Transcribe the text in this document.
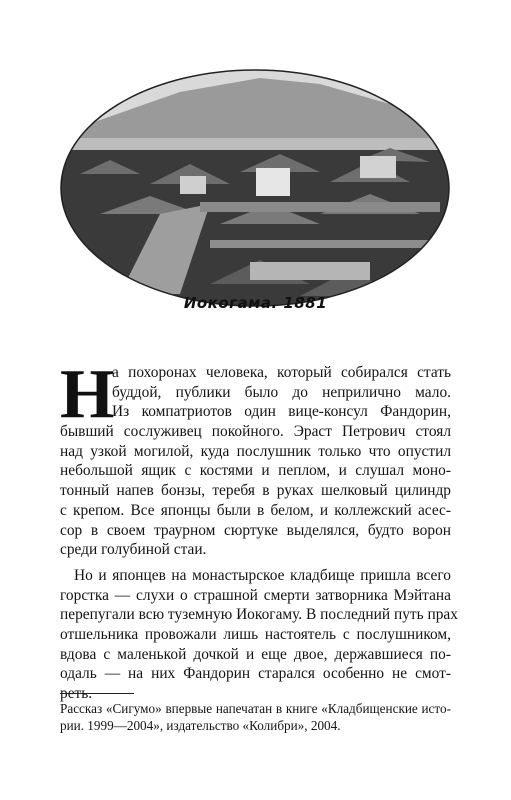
Иокогама. 1881
Н
а похоронах человека, который собирался стать
буддой, публики было до неприлично мало.
Из компатриотов один вице-консул Фандорин,
бывший сослуживец покойного. Эраст Петрович стоял
над узкой могилой, куда послушник только что опустил
небольшой ящик с костями и пеплом, и слушал моно-
тонный напев бонзы, теребя в руках шелковый цилиндр
с крепом. Все японцы были в белом, и коллежский асес-
сор в своем траурном сюртуке выделялся, будто ворон
среди голубиной стаи.
Но и японцев на монастырское кладбище пришла всего
горстка — слухи о страшной смерти затворника Мэйтана
перепугали всю туземную Иокогаму. В последний путь прах
отшельника провожали лишь настоятель с послушником,
вдова с маленькой дочкой и еще двое, державшиеся по-
одаль — на них Фандорин старался особенно не смот-
реть.
Рассказ «Сигумо» впервые напечатан в книге «Кладбищенские исто-
рии. 1999—2004», издательство «Колибри», 2004.
